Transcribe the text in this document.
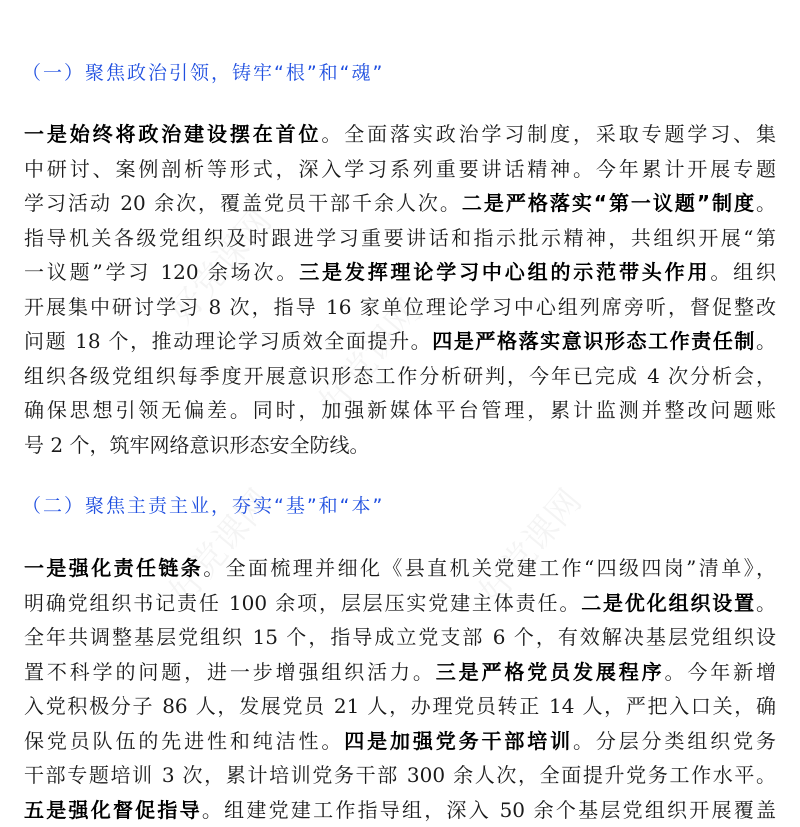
（一）聚焦政治引领，铸牢“根”和“魂”
一是始终将政治建设摆在首位。全面落实政治学习制度，采取专题学习、集
中研讨、案例剖析等形式，深入学习系列重要讲话精神。今年累计开展专题
学习活动 20 余次，覆盖党员干部千余人次。二是严格落实“第一议题”制度。
指导机关各级党组织及时跟进学习重要讲话和指示批示精神，共组织开展“第
一议题”学习 120 余场次。三是发挥理论学习中心组的示范带头作用。组织
开展集中研讨学习 8 次，指导 16 家单位理论学习中心组列席旁听，督促整改
问题 18 个，推动理论学习质效全面提升。四是严格落实意识形态工作责任制。
组织各级党组织每季度开展意识形态工作分析研判，今年已完成 4 次分析会，
确保思想引领无偏差。同时，加强新媒体平台管理，累计监测并整改问题账
号 2 个，筑牢网络意识形态安全防线。
（二）聚焦主责主业，夯实“基”和“本”
一是强化责任链条。全面梳理并细化《县直机关党建工作“四级四岗”清单》，
明确党组织书记责任 100 余项，层层压实党建主体责任。二是优化组织设置。
全年共调整基层党组织 15 个，指导成立党支部 6 个，有效解决基层党组织设
置不科学的问题，进一步增强组织活力。三是严格党员发展程序。今年新增
入党积极分子 86 人，发展党员 21 人，办理党员转正 14 人，严把入口关，确
保党员队伍的先进性和纯洁性。四是加强党务干部培训。分层分类组织党务
干部专题培训 3 次，累计培训党务干部 300 余人次，全面提升党务工作水平。
五是强化督促指导。组建党建工作指导组，深入 50 余个基层党组织开展覆盖
